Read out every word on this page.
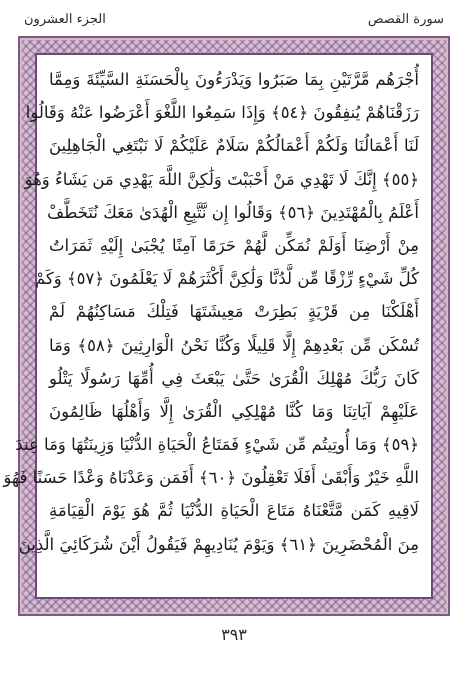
الجزء العشرون	سورة القصص
أُجْرَهُم مَّرَّتَيْنِ بِمَا صَبَرُوا وَيَدْرَءُونَ بِالْحَسَنَةِ السَّيِّئَةَ وَمِمَّا
رَزَقْنَاهُمْ يُنفِقُونَ ﴿٥٤﴾ وَإِذَا سَمِعُوا اللَّغْوَ أَعْرَضُوا عَنْهُ وَقَالُوا
لَنَا أَعْمَالُنَا وَلَكُمْ أَعْمَالُكُمْ سَلَامٌ عَلَيْكُمْ لَا نَبْتَغِي الْجَاهِلِينَ
﴿٥٥﴾ إِنَّكَ لَا تَهْدِي مَنْ أَحْبَبْتَ وَلَٰكِنَّ اللَّهَ يَهْدِي مَن يَشَاءُ وَهُوَ
أَعْلَمُ بِالْمُهْتَدِينَ ﴿٥٦﴾ وَقَالُوا إِن نَّتَّبِعِ الْهُدَىٰ مَعَكَ نُتَخَطَّفْ
مِنْ أَرْضِنَا أَوَلَمْ نُمَكِّن لَّهُمْ حَرَمًا آمِنًا يُجْبَىٰ إِلَيْهِ ثَمَرَاتُ
كُلِّ شَيْءٍ رِّزْقًا مِّن لَّدُنَّا وَلَٰكِنَّ أَكْثَرَهُمْ لَا يَعْلَمُونَ ﴿٥٧﴾ وَكَمْ
أَهْلَكْنَا مِن قَرْيَةٍ بَطِرَتْ مَعِيشَتَهَا فَتِلْكَ مَسَاكِنُهُمْ لَمْ
تُسْكَن مِّن بَعْدِهِمْ إِلَّا قَلِيلًا وَكُنَّا نَحْنُ الْوَارِثِينَ ﴿٥٨﴾ وَمَا
كَانَ رَبُّكَ مُهْلِكَ الْقُرَىٰ حَتَّىٰ يَبْعَثَ فِي أُمِّهَا رَسُولًا يَتْلُو
عَلَيْهِمْ آيَاتِنَا وَمَا كُنَّا مُهْلِكِي الْقُرَىٰ إِلَّا وَأَهْلُهَا ظَالِمُونَ
﴿٥٩﴾ وَمَا أُوتِيتُم مِّن شَيْءٍ فَمَتَاعُ الْحَيَاةِ الدُّنْيَا وَزِينَتُهَا وَمَا عِندَ
اللَّهِ خَيْرٌ وَأَبْقَىٰ أَفَلَا تَعْقِلُونَ ﴿٦٠﴾ أَفَمَن وَعَدْنَاهُ وَعْدًا حَسَنًا فَهُوَ
لَاقِيهِ كَمَن مَّتَّعْنَاهُ مَتَاعَ الْحَيَاةِ الدُّنْيَا ثُمَّ هُوَ يَوْمَ الْقِيَامَةِ
مِنَ الْمُحْضَرِينَ ﴿٦١﴾ وَيَوْمَ يُنَادِيهِمْ فَيَقُولُ أَيْنَ شُرَكَائِيَ الَّذِينَ
٣٩٣
